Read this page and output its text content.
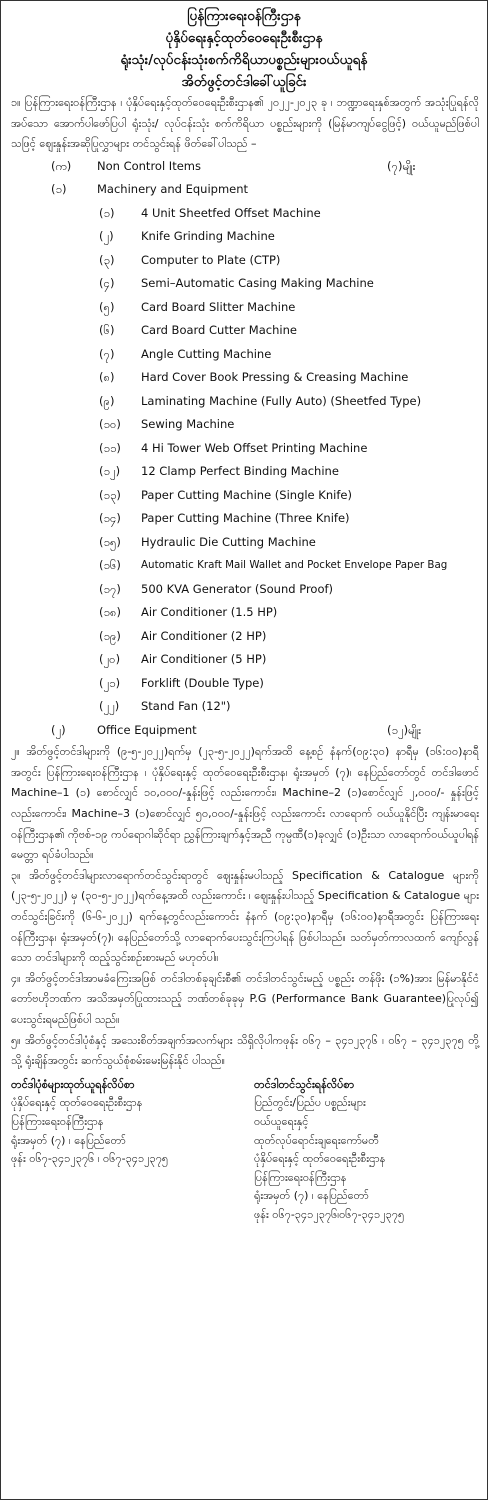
ပြန်ကြားရေးဝန်ကြီးဌာန
ပုံနှိပ်ရေးနှင့်ထုတ်ဝေရေးဦးစီးဌာန
ရုံးသုံး/လုပ်ငန်းသုံးစက်ကိရိယာပစ္စည်းများဝယ်ယူရန်
အိတ်ဖွင့်တင်ဒါခေါ်ယူခြင်း

၁။ ပြန်ကြားရေးဝန်ကြီးဌာန ၊ ပုံနှိပ်ရေးနှင့်ထုတ်ဝေရေးဦးစီးဌာန၏ ၂၀၂၂-၂၀၂၃ ခု ၊ ဘဏ္ဍာရေးနှစ်အတွက် အသုံးပြုရန်လိုအပ်သော အောက်ပါဖော်ပြပါ ရုံးသုံး/ လုပ်ငန်းသုံး စက်ကိရိယာ ပစ္စည်းများကို (မြန်မာကျပ်ငွေဖြင့်) ဝယ်ယူမည်ဖြစ်ပါသဖြင့် ဈေးနှုန်းအဆိုပြုလွှာများ တင်သွင်းရန် ဖိတ်ခေါ်ပါသည် –

(က)	Non Control Items	(၇)မျိုး
(၁)	Machinery and Equipment
(၁)	4 Unit Sheetfed Offset Machine
(၂)	Knife Grinding Machine
(၃)	Computer to Plate (CTP)
(၄)	Semi–Automatic Casing Making Machine
(၅)	Card Board Slitter Machine
(၆)	Card Board Cutter Machine
(၇)	Angle Cutting Machine
(၈)	Hard Cover Book Pressing & Creasing Machine
(၉)	Laminating Machine (Fully Auto) (Sheetfed Type)
(၁၀)	Sewing Machine
(၁၁)	4 Hi Tower Web Offset Printing Machine
(၁၂)	12 Clamp Perfect Binding Machine
(၁၃)	Paper Cutting Machine (Single Knife)
(၁၄)	Paper Cutting Machine (Three Knife)
(၁၅)	Hydraulic Die Cutting Machine
(၁၆)	Automatic Kraft Mail Wallet and Pocket Envelope Paper Bag
(၁၇)	500 KVA Generator (Sound Proof)
(၁၈)	Air Conditioner (1.5 HP)
(၁၉)	Air Conditioner (2 HP)
(၂၀)	Air Conditioner (5 HP)
(၂၁)	Forklift (Double Type)
(၂၂)	Stand Fan (12")
(၂)	Office Equipment	(၁၂)မျိုး

၂။ အိတ်ဖွင့်တင်ဒါများကို (၉-၅-၂၀၂၂)ရက်မှ (၂၃-၅-၂၀၂၂)ရက်အထိ နေ့စဉ် နံနက်(၀၉:၃၀) နာရီမှ (၁၆:၀၀)နာရီအတွင်း ပြန်ကြားရေးဝန်ကြီးဌာန ၊ ပုံနှိပ်ရေးနှင့် ထုတ်ဝေရေးဦးစီးဌာန၊ ရုံးအမှတ် (၇)၊ နေပြည်တော်တွင် တင်ဒါဖောင် Machine–1 (၁) စောင်လျှင် ၁၀,၀၀၀/-နှုန်းဖြင့် လည်းကောင်း၊ Machine–2 (၁)စောင်လျှင် ၂,၀၀၀/- နှုန်းဖြင့်လည်းကောင်း၊ Machine–3 (၁)စောင်လျှင် ၅၀,၀၀၀/-နှုန်းဖြင့် လည်းကောင်း လာရောက် ဝယ်ယူနိုင်ပြီး ကျန်းမာရေးဝန်ကြီးဌာန၏ ကိုဗစ်-၁၉ ကပ်ရောဂါဆိုင်ရာ ညွှန်ကြားချက်နှင့်အညီ ကုမ္ပဏီ(၁)ခုလျှင် (၁)ဦးသာ လာရောက်ဝယ်ယူပါရန် မေတ္တာ ရပ်ခံပါသည်။

၃။ အိတ်ဖွင့်တင်ဒါများလာရောက်တင်သွင်းရာတွင် ဈေးနှုန်းမပါသည့် Specification & Catalogue များကို (၂၃-၅-၂၀၂၂) မှ (၃၀-၅-၂၀၂၂)ရက်နေ့အထိ လည်းကောင်း ၊ ဈေးနှုန်းပါသည့် Specification & Catalogue များတင်သွင်းခြင်းကို (၆-၆-၂၀၂၂) ရက်နေ့တွင်လည်းကောင်း နံနက် (၀၉:၃၀)နာရီမှ (၁၆:၀၀)နာရီအတွင်း ပြန်ကြားရေး ဝန်ကြီးဌာန၊ ရုံးအမှတ်(၇)၊ နေပြည်တော်သို့ လာရောက်ပေးသွင်းကြပါရန် ဖြစ်ပါသည်။ သတ်မှတ်ကာလထက် ကျော်လွန်သော တင်ဒါများကို ထည့်သွင်းစဉ်းစားမည် မဟုတ်ပါ။

၄။ အိတ်ဖွင့်တင်ဒါအာမခံကြေးအဖြစ် တင်ဒါတစ်ခုချင်းစီ၏ တင်ဒါတင်သွင်းမည့် ပစ္စည်း တန်ဖိုး (၁%)အား မြန်မာနိုင်ငံတော်ဗဟိုဘဏ်က အသိအမှတ်ပြုထားသည့် ဘဏ်တစ်ခုခုမှ P.G (Performance Bank Guarantee)ပြုလုပ်၍ ပေးသွင်းရမည်ဖြစ်ပါ သည်။

၅။ အိတ်ဖွင့်တင်ဒါပုံစံနှင့် အသေးစိတ်အချက်အလက်များ သိရှိလိုပါကဖုန်း ၀၆၇ – ၃၄၁၂၃၇၆ ၊ ၀၆၇ – ၃၄၁၂၃၇၅ တို့သို့ ရုံးချိန်အတွင်း ဆက်သွယ်စုံစမ်းမေးမြန်းနိုင် ပါသည်။

တင်ဒါပုံစံများထုတ်ယူရန်လိပ်စာ
ပုံနှိပ်ရေးနှင့် ထုတ်ဝေရေးဦးစီးဌာန
ပြန်ကြားရေးဝန်ကြီးဌာန
ရုံးအမှတ် (၇) ၊ နေပြည်တော်
ဖုန်း ၀၆၇-၃၄၁၂၃၇၆ ၊ ၀၆၇-၃၄၁၂၃၇၅
တင်ဒါတင်သွင်းရန်လိပ်စာ
ပြည်တွင်း/ပြည်ပ ပစ္စည်းများ
ဝယ်ယူရေးနှင့်
ထုတ်လုပ်ရောင်းချရေးကော်မတီ
ပုံနှိပ်ရေးနှင့် ထုတ်ဝေရေးဦးစီးဌာန
ပြန်ကြားရေးဝန်ကြီးဌာန
ရုံးအမှတ် (၇) ၊ နေပြည်တော်
ဖုန်း ၀၆၇-၃၄၁၂၃၇၆၊၀၆၇-၃၄၁၂၃၇၅
